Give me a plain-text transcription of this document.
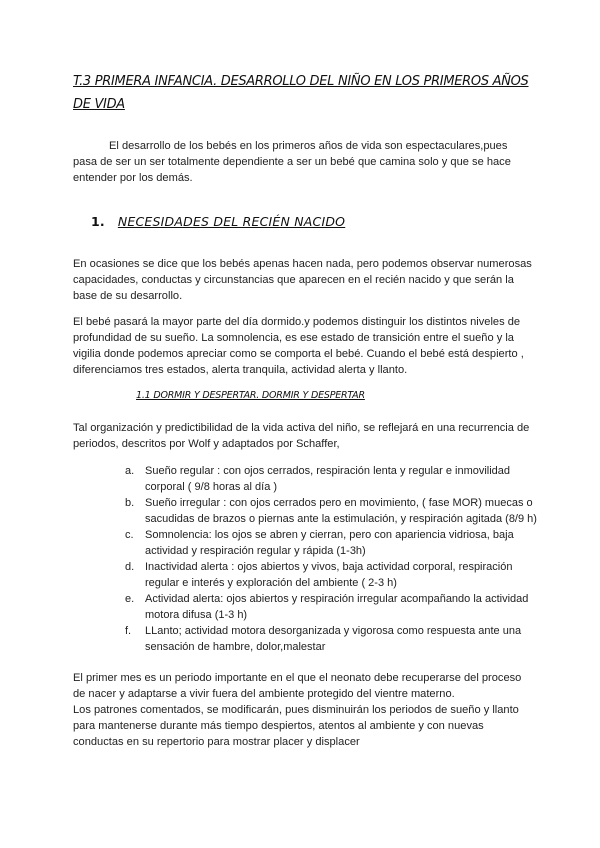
T.3 PRIMERA INFANCIA. DESARROLLO DEL NIÑO EN LOS PRIMEROS AÑOS DE VIDA

El desarrollo de los bebés en los primeros años de vida son espectaculares,pues pasa de ser un ser totalmente dependiente a ser un bebé que camina solo y que se hace entender por los demás.

1. NECESIDADES DEL RECIÉN NACIDO

En ocasiones se dice que los bebés apenas hacen nada, pero podemos observar numerosas capacidades, conductas y circunstancias que aparecen en el recién nacido y que serán la base de su desarrollo.

El bebé pasará la mayor parte del día dormido.y podemos distinguir los distintos niveles de profundidad de su sueño. La somnolencia, es ese estado de transición entre el sueño y la vigilia donde podemos apreciar como se comporta el bebé. Cuando el bebé está despierto , diferenciamos tres estados, alerta tranquila, actividad alerta y llanto.

1.1 DORMIR Y DESPERTAR. DORMIR Y DESPERTAR

Tal organización y predictibilidad de la vida activa del niño, se reflejará en una recurrencia de periodos, descritos por Wolf y adaptados por Schaffer,

a. Sueño regular : con ojos cerrados, respiración lenta y regular e inmovilidad corporal ( 9/8 horas al día )
b. Sueño irregular : con ojos cerrados pero en movimiento, ( fase MOR) muecas o sacudidas de brazos o piernas ante la estimulación, y respiración agitada (8/9 h)
c. Somnolencia: los ojos se abren y cierran, pero con apariencia vidriosa, baja actividad y respiración regular y rápida (1-3h)
d. Inactividad alerta : ojos abiertos y vivos, baja actividad corporal, respiración regular e interés y exploración del ambiente ( 2-3 h)
e. Actividad alerta: ojos abiertos y respiración irregular acompañando la actividad motora difusa (1-3 h)
f. LLanto; actividad motora desorganizada y vigorosa como respuesta ante una sensación de hambre, dolor,malestar

El primer mes es un periodo importante en el que el neonato debe recuperarse del proceso de nacer y adaptarse a vivir fuera del ambiente protegido del vientre materno.

Los patrones comentados, se modificarán, pues disminuirán los periodos de sueño y llanto para mantenerse durante más tiempo despiertos, atentos al ambiente y con nuevas conductas en su repertorio para mostrar placer y displacer
